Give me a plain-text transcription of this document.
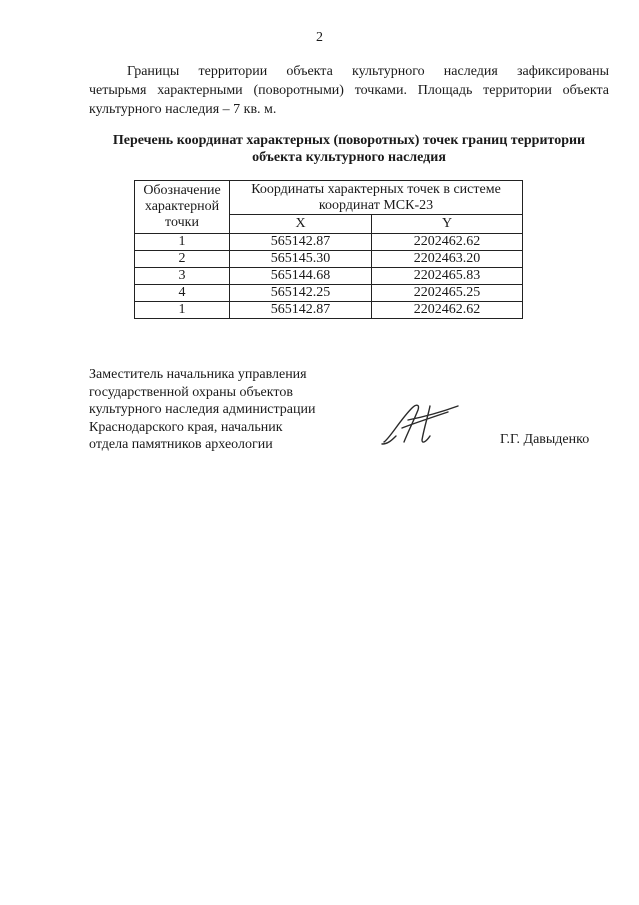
2

Границы территории объекта культурного наследия зафиксированы
четырьмя характерными (поворотными) точками. Площадь территории объекта
культурного наследия – 7 кв. м.

Перечень координат характерных (поворотных) точек границ территории
объекта культурного наследия
Обозначение
характерной
точки	Координаты характерных точек в системе
координат МСК-23	

	X	Y
1	565142.87	2202462.62
2	565145.30	2202463.20
3	565144.68	2202465.83
4	565142.25	2202465.25
1	565142.87	2202462.62
Заместитель начальника управления
государственной охраны объектов
культурного наследия администрации
Краснодарского края, начальник
отдела памятников археологии	Г.Г. Давыденко
